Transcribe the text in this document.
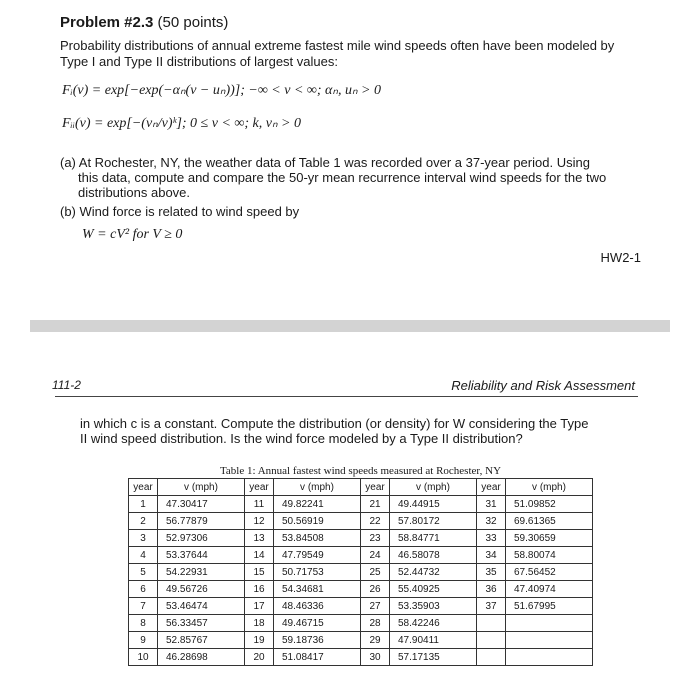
Problem #2.3 (50 points)
Probability distributions of annual extreme fastest mile wind speeds often have been modeled by
Type I and Type II distributions of largest values:
Fᵢ(v) = exp[−exp(−αₙ(v − uₙ))]; −∞ < v < ∞; αₙ, uₙ > 0
Fᵢᵢ(v) = exp[−(vₙ/v)ᵏ]; 0 ≤ v < ∞; k, vₙ > 0
(a) At Rochester, NY, the weather data of Table 1 was recorded over a 37-year period. Using
this data, compute and compare the 50-yr mean recurrence interval wind speeds for the two
distributions above.
(b) Wind force is related to wind speed by
W = cV² for V ≥ 0
HW2-1
111-2	Reliability and Risk Assessment
in which c is a constant. Compute the distribution (or density) for W considering the Type
II wind speed distribution. Is the wind force modeled by a Type II distribution?
Table 1: Annual fastest wind speeds measured at Rochester, NY
year	v (mph)	year	v (mph)	year	v (mph)	year	v (mph)
1	47.30417	11	49.82241	21	49.44915	31	51.09852
2	56.77879	12	50.56919	22	57.80172	32	69.61365
3	52.97306	13	53.84508	23	58.84771	33	59.30659
4	53.37644	14	47.79549	24	46.58078	34	58.80074
5	54.22931	15	50.71753	25	52.44732	35	67.56452
6	49.56726	16	54.34681	26	55.40925	36	47.40974
7	53.46474	17	48.46336	27	53.35903	37	51.67995
8	56.33457	18	49.46715	28	58.42246		
9	52.85767	19	59.18736	29	47.90411		
10	46.28698	20	51.08417	30	57.17135		
